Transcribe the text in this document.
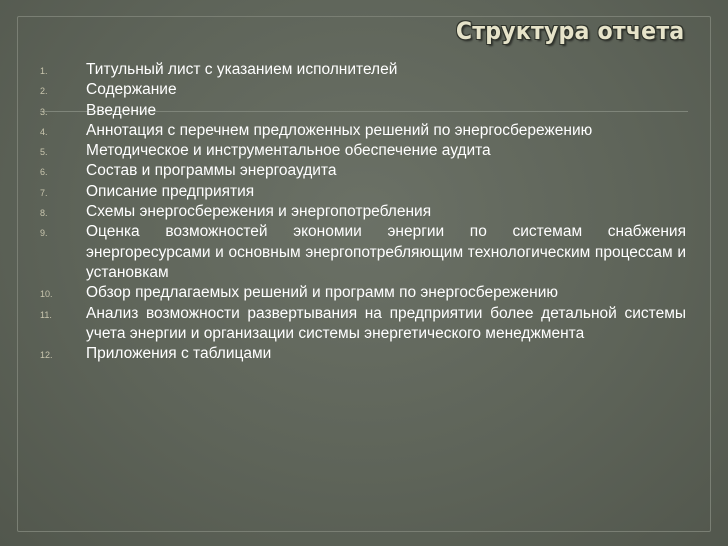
Структура отчета
1.	Титульный лист с указанием исполнителей
2.	Содержание
3.	Введение
4.	Аннотация с перечнем предложенных решений по энергосбережению
5.	Методическое и инструментальное обеспечение аудита
6.	Состав и программы энергоаудита
7.	Описание предприятия
8.	Схемы энергосбережения и энергопотребления
9.	Оценка возможностей экономии энергии по системам снабжения энергоресурсами и основным энергопотребляющим технологическим процессам и установкам
10.	Обзор предлагаемых решений и программ по энергосбережению
11.	Анализ возможности развертывания на предприятии более детальной системы учета энергии и организации системы энергетического менеджмента
12.	Приложения с таблицами
